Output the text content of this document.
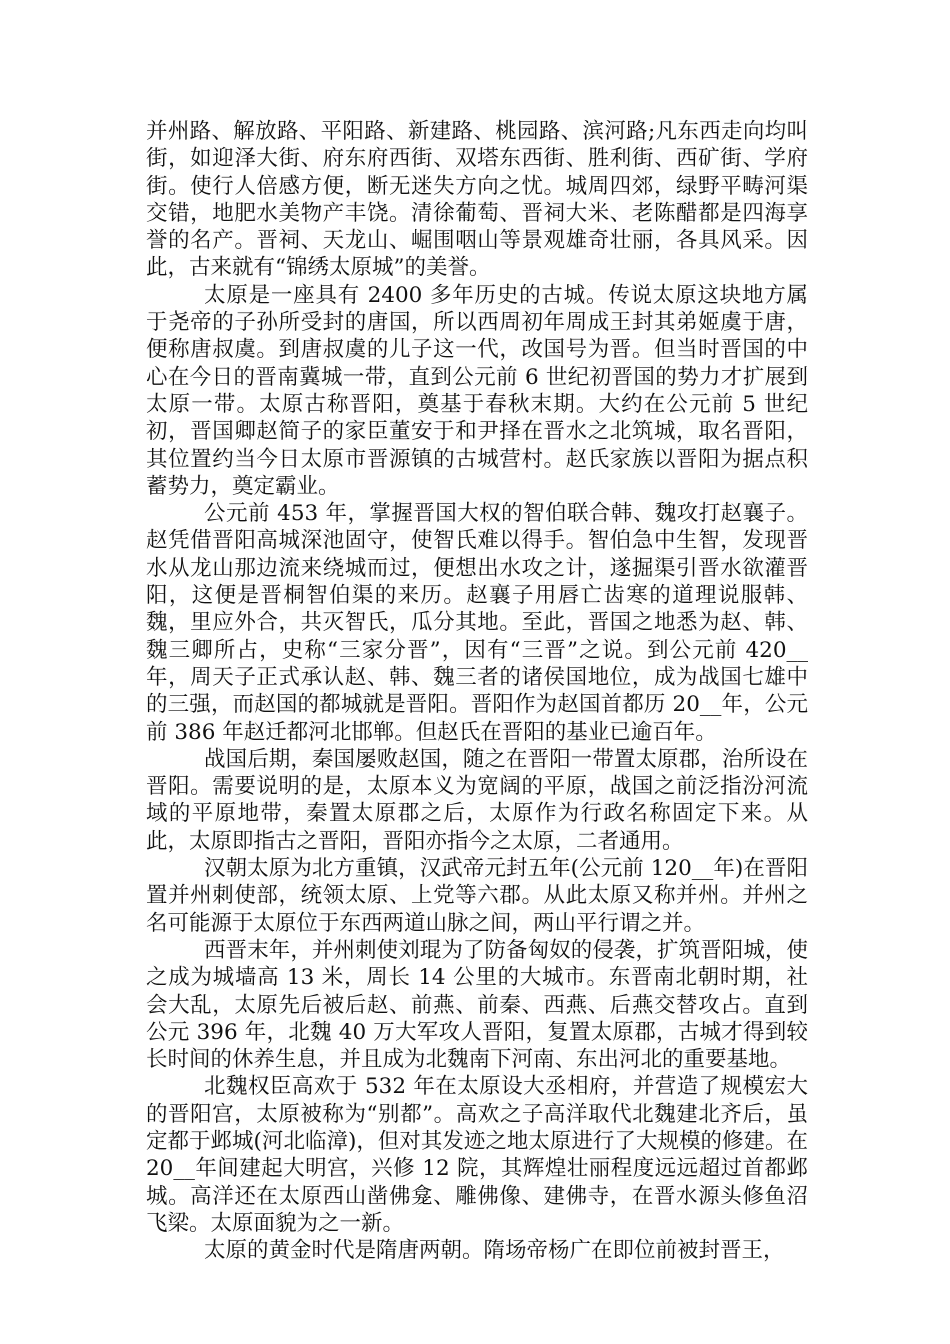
并州路、解放路、平阳路、新建路、桃园路、滨河路;凡东西走向均叫街，如迎泽大街、府东府西街、双塔东西街、胜利街、西矿街、学府街。使行人倍感方便，断无迷失方向之忧。城周四郊，绿野平畴河渠交错，地肥水美物产丰饶。清徐葡萄、晋祠大米、老陈醋都是四海享誉的名产。晋祠、天龙山、崛围咽山等景观雄奇壮丽，各具风采。因此，古来就有“锦绣太原城”的美誉。

太原是一座具有 2400 多年历史的古城。传说太原这块地方属于尧帝的子孙所受封的唐国，所以西周初年周成王封其弟姬虞于唐，便称唐叔虞。到唐叔虞的儿子这一代，改国号为晋。但当时晋国的中心在今日的晋南冀城一带，直到公元前 6 世纪初晋国的势力才扩展到太原一带。太原古称晋阳，奠基于春秋末期。大约在公元前 5 世纪初，晋国卿赵简子的家臣董安于和尹择在晋水之北筑城，取名晋阳，其位置约当今日太原市晋源镇的古城营村。赵氏家族以晋阳为据点积蓄势力，奠定霸业。

公元前 453 年，掌握晋国大权的智伯联合韩、魏攻打赵襄子。赵凭借晋阳高城深池固守，使智氏难以得手。智伯急中生智，发现晋水从龙山那边流来绕城而过，便想出水攻之计，遂掘渠引晋水欲灌晋阳，这便是晋桐智伯渠的来历。赵襄子用唇亡齿寒的道理说服韩、魏，里应外合，共灭智氏，瓜分其地。至此，晋国之地悉为赵、韩、魏三卿所占，史称“三家分晋”，因有“三晋”之说。到公元前 420__年，周天子正式承认赵、韩、魏三者的诸侯国地位，成为战国七雄中的三强，而赵国的都城就是晋阳。晋阳作为赵国首都历 20__年，公元前 386 年赵迁都河北邯郸。但赵氏在晋阳的基业已逾百年。

战国后期，秦国屡败赵国，随之在晋阳一带置太原郡，治所设在晋阳。需要说明的是，太原本义为宽阔的平原，战国之前泛指汾河流域的平原地带，秦置太原郡之后，太原作为行政名称固定下来。从此，太原即指古之晋阳，晋阳亦指今之太原，二者通用。

汉朝太原为北方重镇，汉武帝元封五年(公元前 120__年)在晋阳置并州刺使部，统领太原、上党等六郡。从此太原又称并州。并州之名可能源于太原位于东西两道山脉之间，两山平行谓之并。

西晋末年，并州刺使刘琨为了防备匈奴的侵袭，扩筑晋阳城，使之成为城墙高 13 米，周长 14 公里的大城市。东晋南北朝时期，社会大乱，太原先后被后赵、前燕、前秦、西燕、后燕交替攻占。直到公元 396 年，北魏 40 万大军攻人晋阳，复置太原郡，古城才得到较长时间的休养生息，并且成为北魏南下河南、东出河北的重要基地。

北魏权臣高欢于 532 年在太原设大丞相府，并营造了规模宏大的晋阳宫，太原被称为“别都”。高欢之子高洋取代北魏建北齐后，虽定都于邺城(河北临漳)，但对其发迹之地太原进行了大规模的修建。在 20__年间建起大明宫，兴修 12 院，其辉煌壮丽程度远远超过首都邺城。高洋还在太原西山凿佛龛、雕佛像、建佛寺，在晋水源头修鱼沼飞梁。太原面貌为之一新。

太原的黄金时代是隋唐两朝。隋场帝杨广在即位前被封晋王，
